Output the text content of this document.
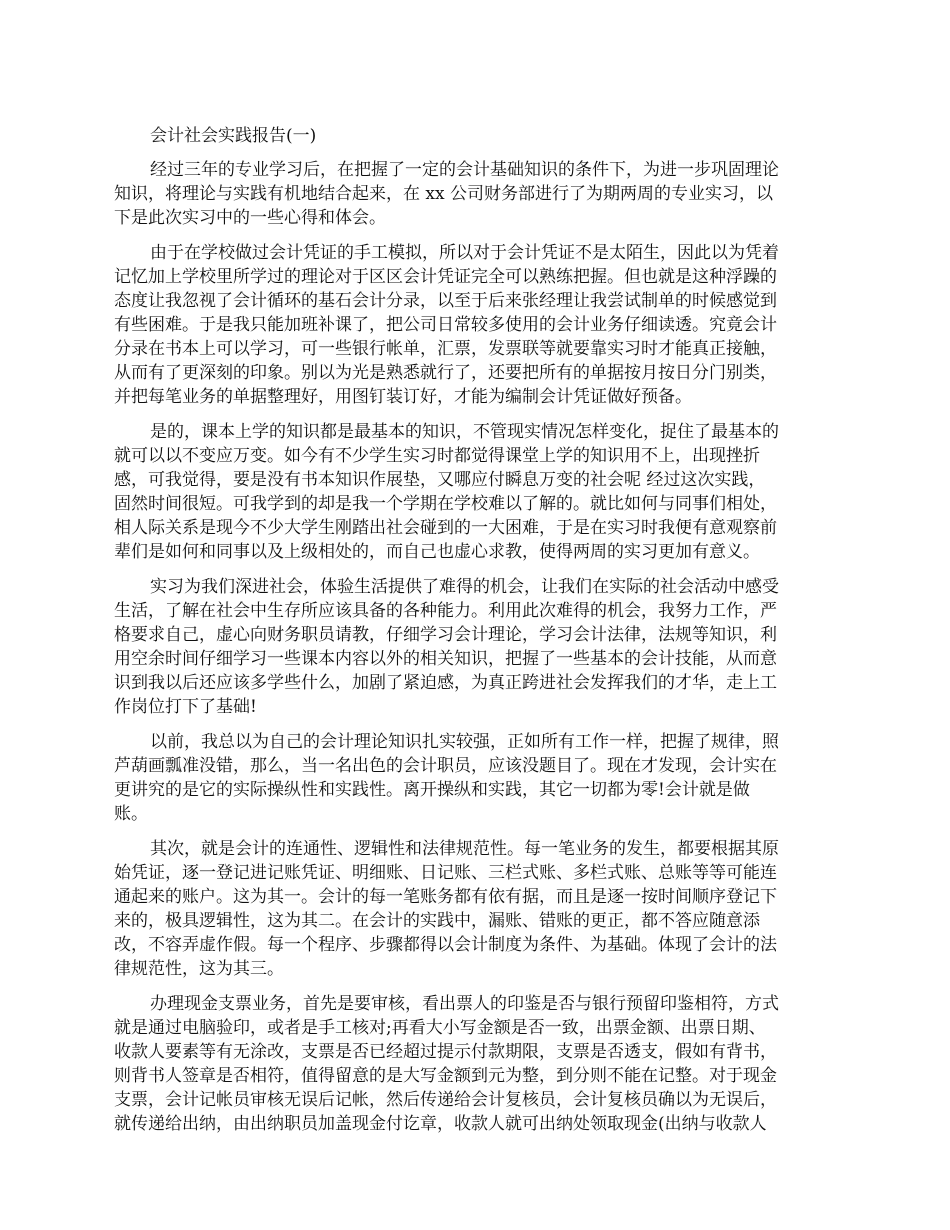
会计社会实践报告(一)
经过三年的专业学习后，在把握了一定的会计基础知识的条件下，为进一步巩固理论
知识，将理论与实践有机地结合起来，在 xx 公司财务部进行了为期两周的专业实习，以
下是此次实习中的一些心得和体会。
由于在学校做过会计凭证的手工模拟，所以对于会计凭证不是太陌生，因此以为凭着
记忆加上学校里所学过的理论对于区区会计凭证完全可以熟练把握。但也就是这种浮躁的
态度让我忽视了会计循环的基石会计分录，以至于后来张经理让我尝试制单的时候感觉到
有些困难。于是我只能加班补课了，把公司日常较多使用的会计业务仔细读透。究竟会计
分录在书本上可以学习，可一些银行帐单，汇票，发票联等就要靠实习时才能真正接触，
从而有了更深刻的印象。别以为光是熟悉就行了，还要把所有的单据按月按日分门别类，
并把每笔业务的单据整理好，用图钉装订好，才能为编制会计凭证做好预备。
是的，课本上学的知识都是最基本的知识，不管现实情况怎样变化，捉住了最基本的
就可以以不变应万变。如今有不少学生实习时都觉得课堂上学的知识用不上，出现挫折
感，可我觉得，要是没有书本知识作展垫，又哪应付瞬息万变的社会呢 经过这次实践，
固然时间很短。可我学到的却是我一个学期在学校难以了解的。就比如何与同事们相处，
相人际关系是现今不少大学生刚踏出社会碰到的一大困难，于是在实习时我便有意观察前
辈们是如何和同事以及上级相处的，而自己也虚心求教，使得两周的实习更加有意义。
实习为我们深进社会，体验生活提供了难得的机会，让我们在实际的社会活动中感受
生活，了解在社会中生存所应该具备的各种能力。利用此次难得的机会，我努力工作，严
格要求自己，虚心向财务职员请教，仔细学习会计理论，学习会计法律，法规等知识，利
用空余时间仔细学习一些课本内容以外的相关知识，把握了一些基本的会计技能，从而意
识到我以后还应该多学些什么，加剧了紧迫感，为真正跨进社会发挥我们的才华，走上工
作岗位打下了基础!
以前，我总以为自己的会计理论知识扎实较强，正如所有工作一样，把握了规律，照
芦葫画瓢准没错，那么，当一名出色的会计职员，应该没题目了。现在才发现，会计实在
更讲究的是它的实际操纵性和实践性。离开操纵和实践，其它一切都为零!会计就是做
账。
其次，就是会计的连通性、逻辑性和法律规范性。每一笔业务的发生，都要根据其原
始凭证，逐一登记进记账凭证、明细账、日记账、三栏式账、多栏式账、总账等等可能连
通起来的账户。这为其一。会计的每一笔账务都有依有据，而且是逐一按时间顺序登记下
来的，极具逻辑性，这为其二。在会计的实践中，漏账、错账的更正，都不答应随意添
改，不容弄虚作假。每一个程序、步骤都得以会计制度为条件、为基础。体现了会计的法
律规范性，这为其三。
办理现金支票业务，首先是要审核，看出票人的印鉴是否与银行预留印鉴相符，方式
就是通过电脑验印，或者是手工核对;再看大小写金额是否一致，出票金额、出票日期、
收款人要素等有无涂改，支票是否已经超过提示付款期限，支票是否透支，假如有背书，
则背书人签章是否相符，值得留意的是大写金额到元为整，到分则不能在记整。对于现金
支票，会计记帐员审核无误后记帐，然后传递给会计复核员，会计复核员确以为无误后，
就传递给出纳，由出纳职员加盖现金付讫章，收款人就可出纳处领取现金(出纳与收款人
